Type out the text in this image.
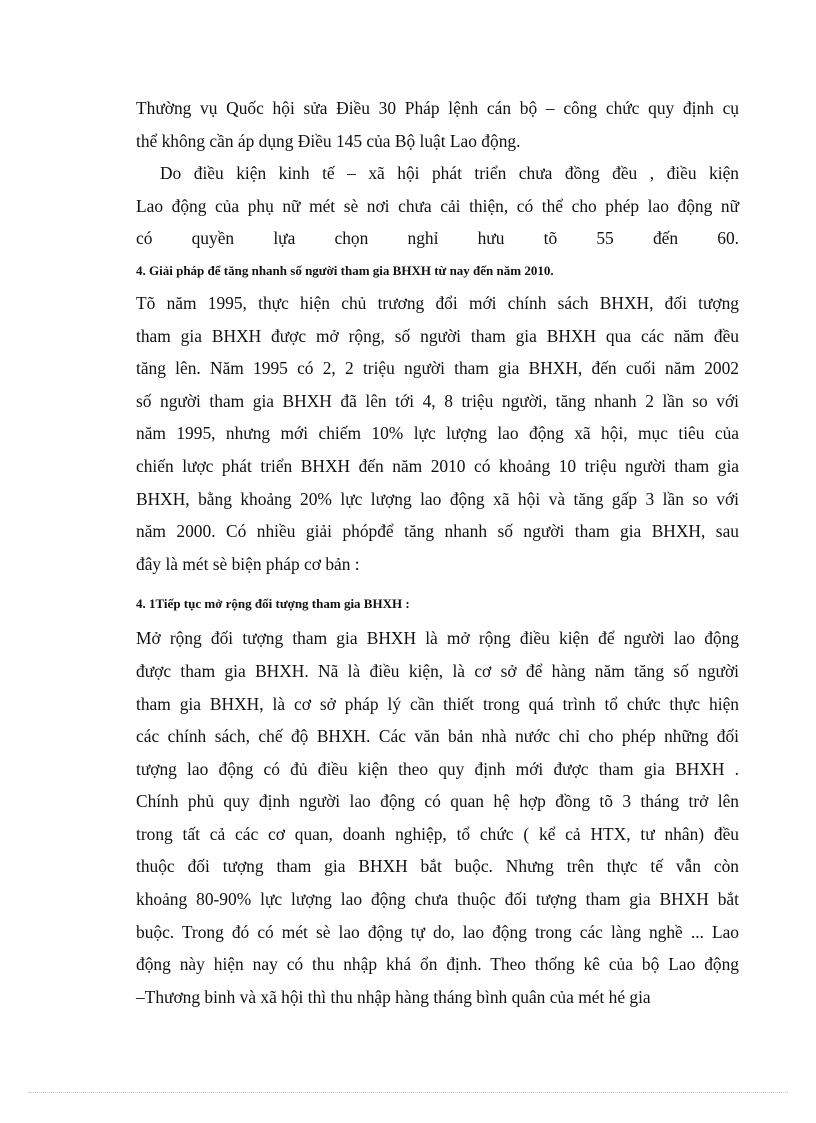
Thường vụ Quốc hội sửa Điều 30 Pháp lệnh cán bộ – công chức quy định cụ
thể không cần áp dụng Điều 145 của Bộ luật Lao động.
Do điều kiện kinh tế – xã hội phát triển chưa đồng đều , điều kiện
Lao động của phụ nữ mét sè nơi chưa cải thiện, có thể cho phép lao động nữ
có quyền lựa chọn nghỉ hưu tõ 55 đến 60.
4. Giải pháp để tăng nhanh số người tham gia BHXH từ nay đến năm 2010.
Tõ năm 1995, thực hiện chủ trương đổi mới chính sách BHXH, đối tượng
tham gia BHXH được mở rộng, số người tham gia BHXH qua các năm đều
tăng lên. Năm 1995 có 2, 2 triệu người tham gia BHXH, đến cuối năm 2002
số người tham gia BHXH đã lên tới 4, 8 triệu người, tăng nhanh 2 lần so với
năm 1995, nhưng mới chiếm 10% lực lượng lao động xã hội, mục tiêu của
chiến lược phát triển BHXH đến năm 2010 có khoảng 10 triệu người tham gia
BHXH, bằng khoảng 20% lực lượng lao động xã hội và tăng gấp 3 lần so với
năm 2000. Có nhiều giải phópđể tăng nhanh số người tham gia BHXH, sau
đây là mét sè biện pháp cơ bản :
4. 1Tiếp tục mở rộng đối tượng tham gia BHXH :
Mở rộng đối tượng tham gia BHXH là mở rộng điều kiện để người lao động
được tham gia BHXH. Nã là điều kiện, là cơ sở để hàng năm tăng số người
tham gia BHXH, là cơ sở pháp lý cần thiết trong quá trình tổ chức thực hiện
các chính sách, chế độ BHXH. Các văn bản nhà nước chỉ cho phép những đối
tượng lao động có đủ điều kiện theo quy định mới được tham gia BHXH .
Chính phủ quy định người lao động có quan hệ hợp đồng tõ 3 tháng trở lên
trong tất cả các cơ quan, doanh nghiệp, tổ chức ( kể cả HTX, tư nhân) đều
thuộc đối tượng tham gia BHXH bắt buộc. Nhưng trên thực tế vẫn còn
khoảng 80-90% lực lượng lao động chưa thuộc đối tượng tham gia BHXH bắt
buộc. Trong đó có mét sè lao động tự do, lao động trong các làng nghề ... Lao
động này hiện nay có thu nhập khá ổn định. Theo thống kê của bộ Lao động
–Thương binh và xã hội thì thu nhập hàng tháng bình quân của mét hé gia
